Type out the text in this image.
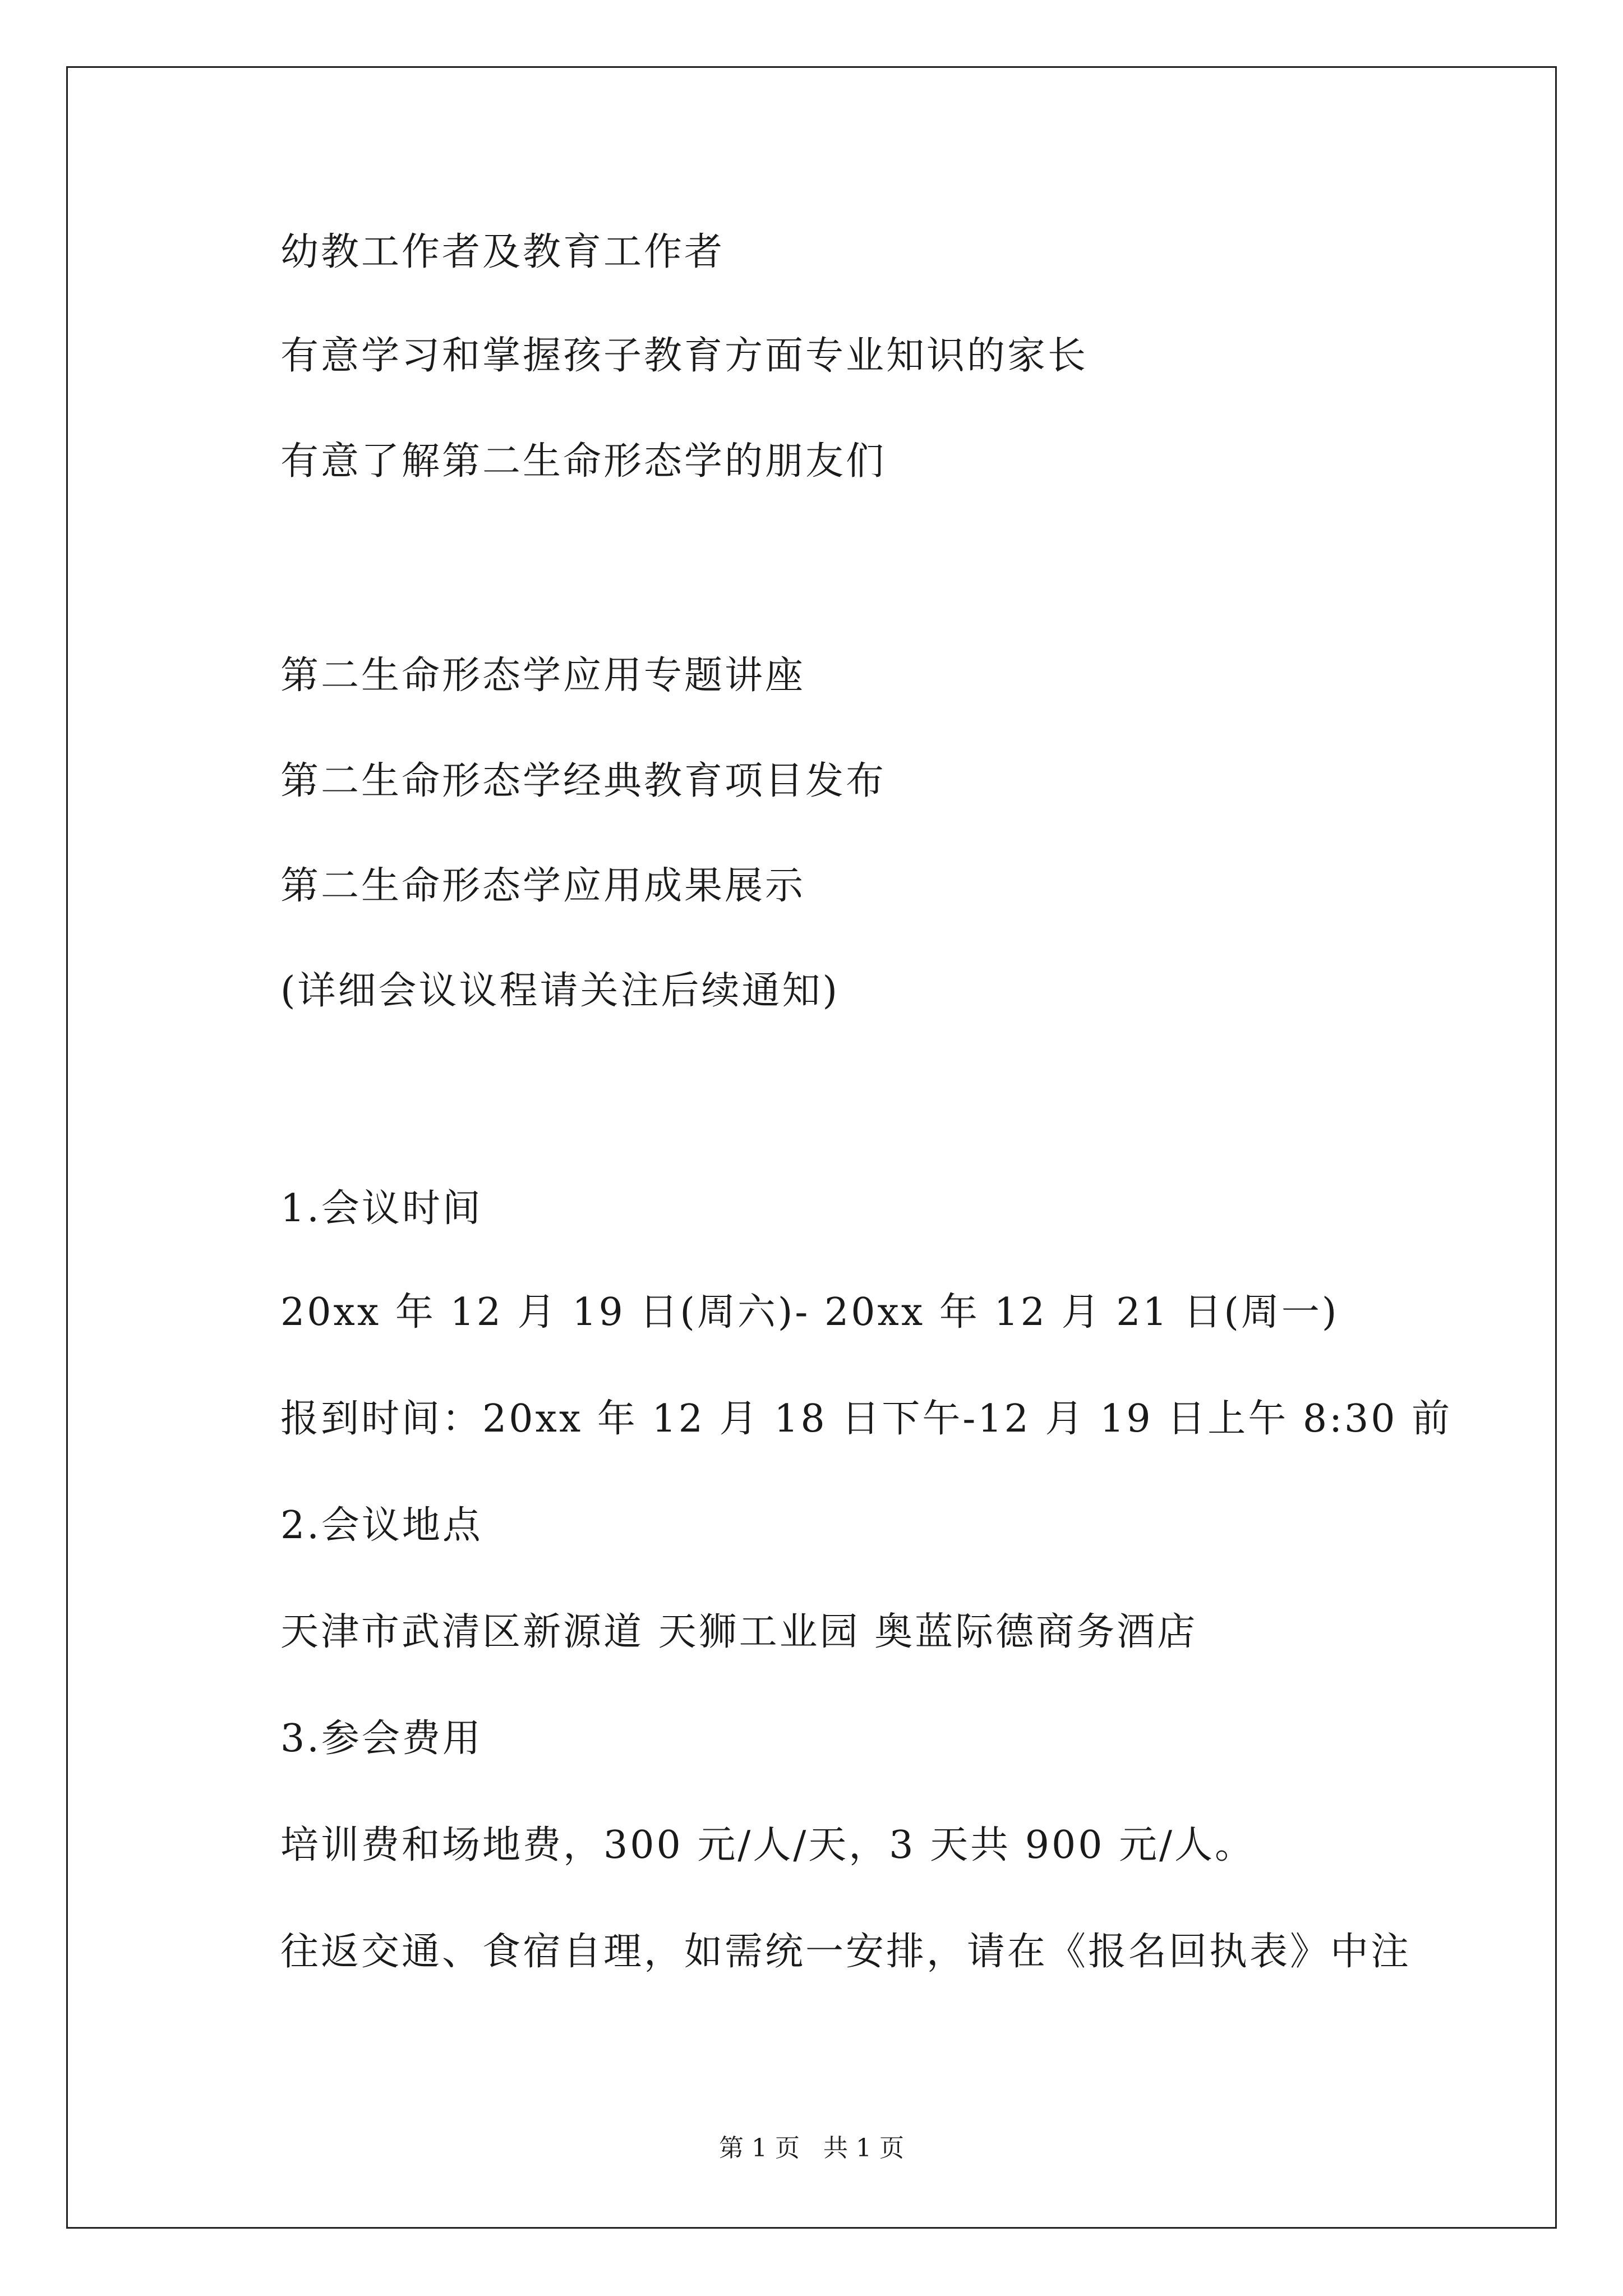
幼教工作者及教育工作者
有意学习和掌握孩子教育方面专业知识的家长
有意了解第二生命形态学的朋友们
第二生命形态学应用专题讲座
第二生命形态学经典教育项目发布
第二生命形态学应用成果展示
(详细会议议程请关注后续通知)
1.会议时间
20xx 年 12 月 19 日(周六)- 20xx 年 12 月 21 日(周一)
报到时间：20xx 年 12 月 18 日下午-12 月 19 日上午 8:30 前
2.会议地点
天津市武清区新源道 天狮工业园 奥蓝际德商务酒店
3.参会费用
培训费和场地费，300 元/人/天，3 天共 900 元/人。
往返交通、食宿自理，如需统一安排，请在《报名回执表》中注
第 1 页   共 1 页
